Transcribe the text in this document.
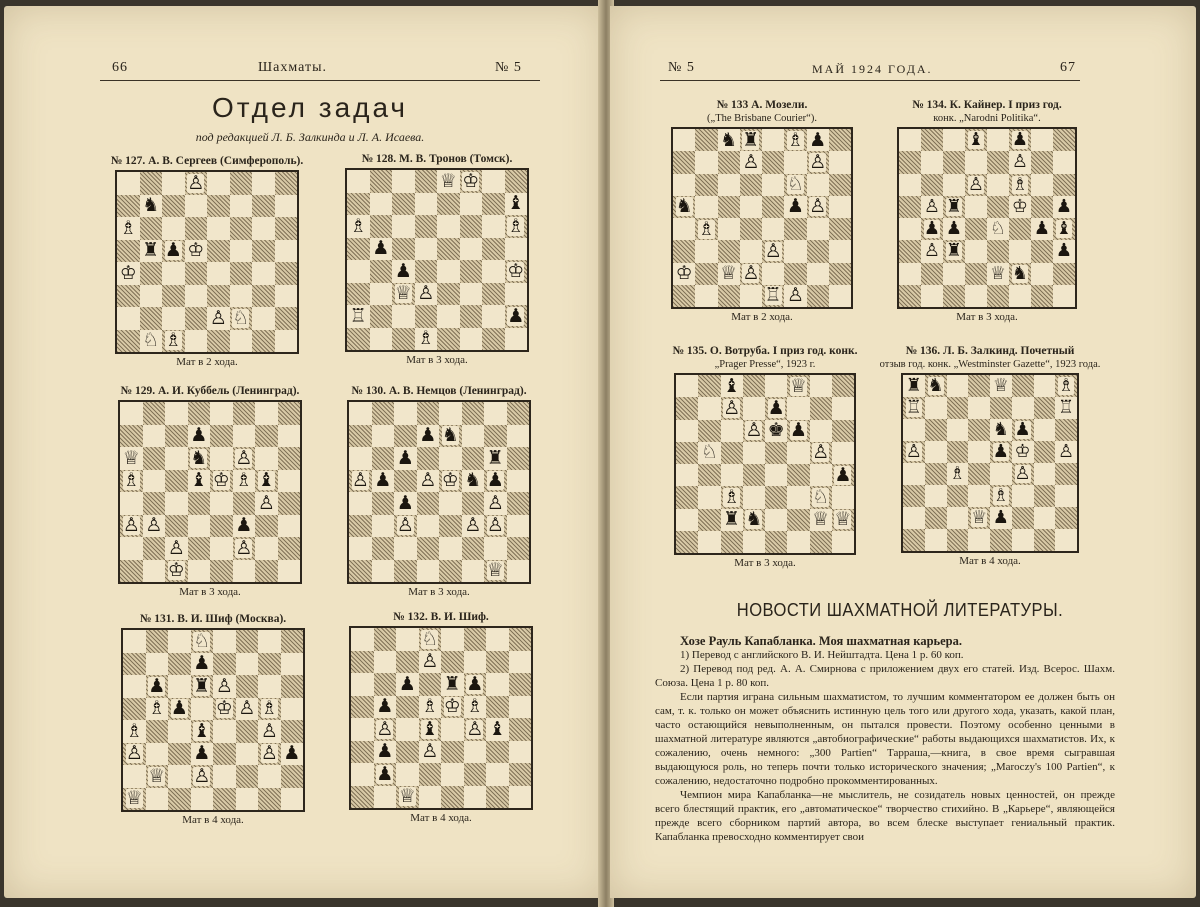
66	Шахматы.	№ 5	№ 5	МАЙ 1924 ГОДА.	67
Отдел задач
под редакцией Л. Б. Залкинда и Л. А. Исаева.
№ 127. А. В. Сергеев (Симферополь).
♙
♞
♗
♜ ♟ ♔
♔
♙ ♘
♘ ♗
Мат в 2 хода.
№ 128. М. В. Тронов (Томск).
♕ ♔
♝
♗	♗
♟
♟	♔
♕ ♙
♖	♟
♗
Мат в 3 хода.
№ 129. А. И. Куббель (Ленинград).
♟
♕	♞ ♙
♗	♝ ♔ ♗ ♝
♙
♙ ♙	♟
♙	♙
♔
Мат в 3 хода.
№ 130. А. В. Немцов (Ленинград).
♟ ♞
♟	♜
♙ ♟ ♙ ♔ ♞ ♟
♟	♙
♙	♙ ♙
♕
Мат в 3 хода.
№ 131. В. И. Шиф (Москва).
♘
♟
♟ ♜ ♙
♗ ♟ ♔ ♙ ♗
♗	♝	♙
♙	♟	♙ ♟
♕ ♙
♕
Мат в 4 хода.
№ 132. В. И. Шиф.
♘
♙
♟ ♜ ♟
♟ ♗ ♔ ♗
♙ ♝ ♙ ♝
♟ ♙
♟
♕
Мат в 4 хода.
№ 133 А. Мозели.
(„The Brisbane Courier“).
♞ ♜ ♗ ♟
♙	♙
♘
♞	♟ ♙
♗
♙
♔ ♕ ♙
♖ ♙
Мат в 2 хода.
№ 134. К. Кайнер. I приз год.
конк. „Narodni Politika“.
♝ ♟
♙
♙ ♗
♙ ♜	♔ ♟
♟ ♟ ♘ ♟ ♝
♙ ♜	♟
♕ ♞
Мат в 3 хода.
№ 135. О. Вотруба. I приз год. конк.
„Prager Presse“, 1923 г.
♝	♕
♙ ♟
♙ ♚ ♟
♘	♙
♟
♗	♘
♜ ♞	♕ ♕
Мат в 3 хода.
№ 136. Л. Б. Залкинд. Почетный
отзыв год. конк. „Westminster Gazette“, 1923 года.
♜ ♞	♕	♗
♖	♖
♞ ♟
♙	♟ ♔ ♙
♗	♙
♗
♕ ♟
Мат в 4 хода.
НОВОСТИ ШАХМАТНОЙ ЛИТЕРАТУРЫ.
Хозе Рауль Капабланка. Моя шахматная карьера.

1) Перевод с английского В. И. Нейштадта. Цена 1 р. 60 коп.

2) Перевод под ред. А. А. Смирнова с приложением двух его статей. Изд. Всерос. Шахм. Союза. Цена 1 р. 80 коп.

Если партия играна сильным шахматистом, то лучшим комментатором ее должен быть он сам, т. к. только он может объяснить истинную цель того или другого хода, указать, какой план, часто остающийся невыполненным, он пытался провести. Поэтому особенно ценными в шахматной литературе являются „автобиографические“ работы выдающихся шахматистов. Их, к сожалению, очень немного: „300 Partien“ Тарраша,—книга, в свое время сыгравшая выдающуюся роль, но теперь почти только исторического значения; „Maroczy's 100 Partien“, к сожалению, недостаточно подробно прокомментированных.

Чемпион мира Капабланка—не мыслитель, не созидатель новых ценностей, он прежде всего блестящий практик, его „автоматическое“ творчество стихийно. В „Карьере“, являющейся прежде всего сборником партий автора, во всем блеске выступает гениальный практик. Капабланка превосходно комментирует свои
